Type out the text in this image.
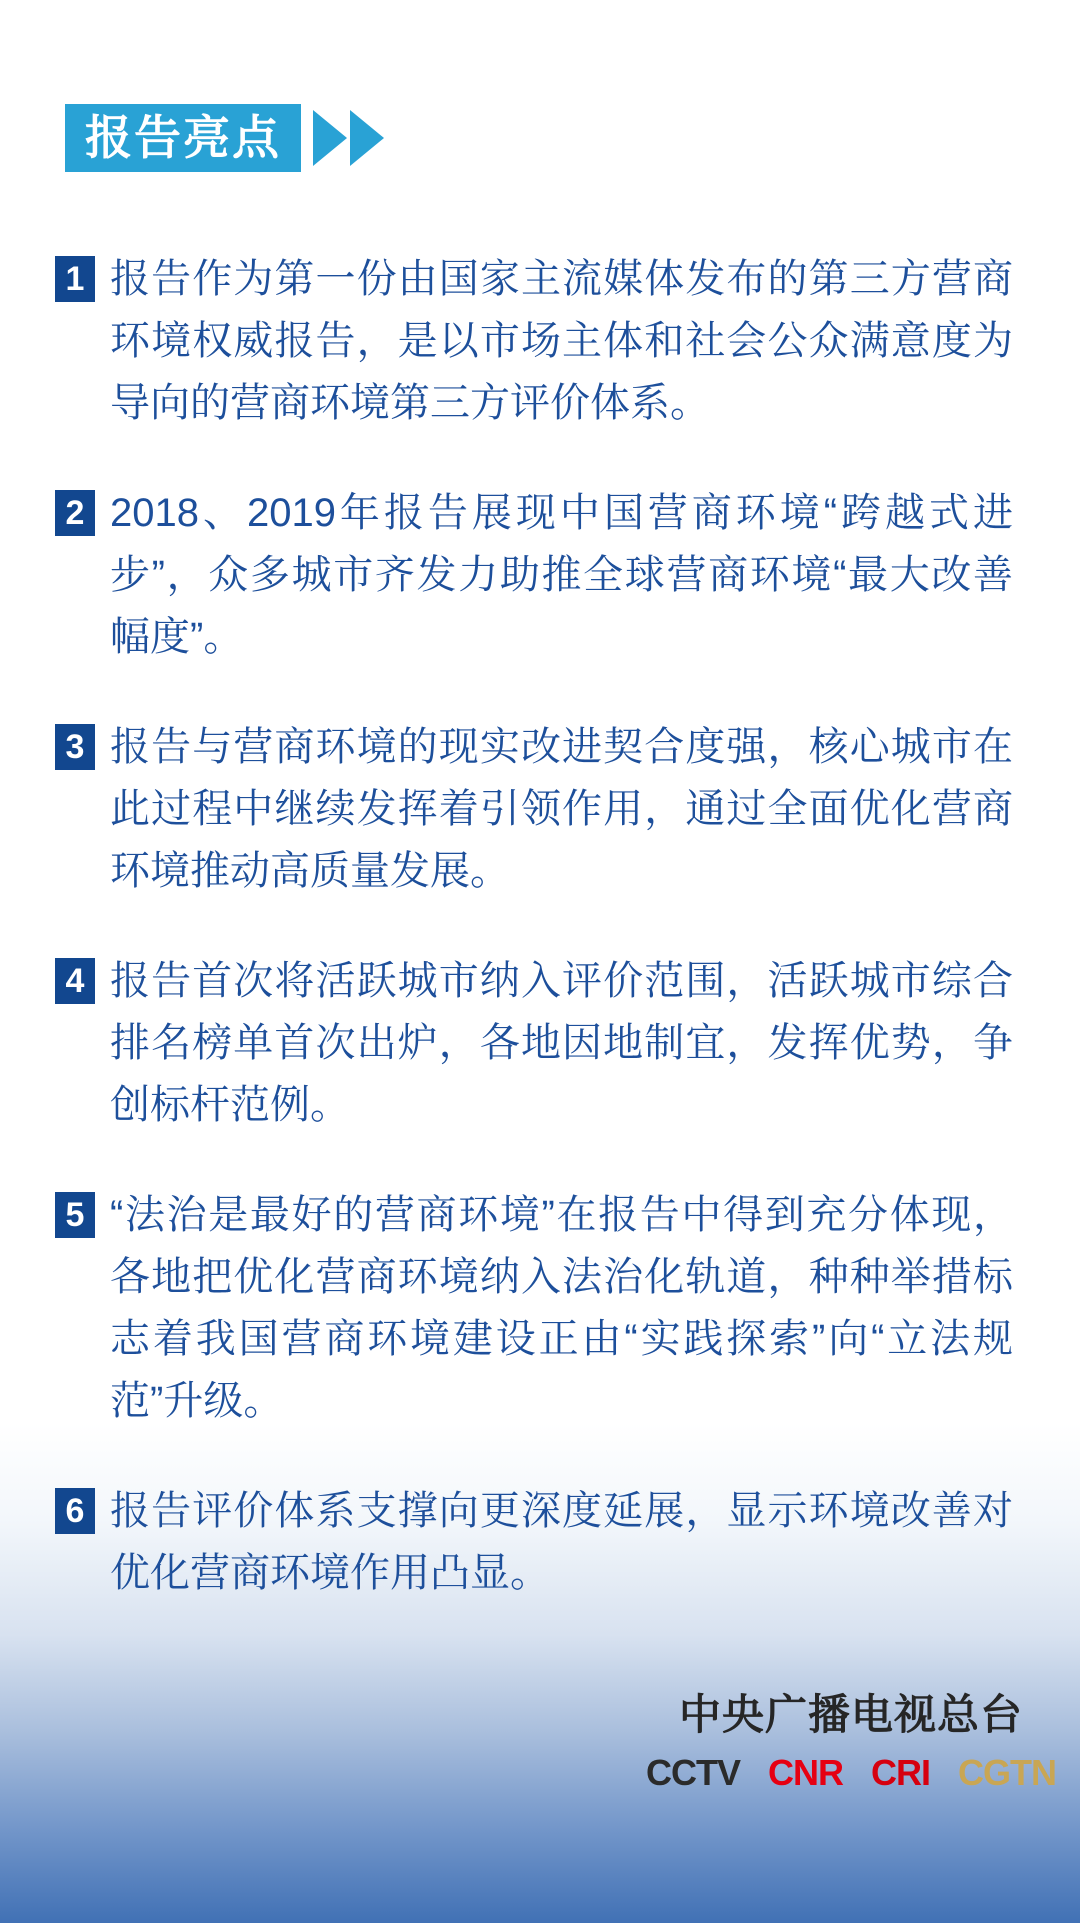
报告亮点
1 报告作为第一份由国家主流媒体发布的第三方营商环境权威报告，是以市场主体和社会公众满意度为导向的营商环境第三方评价体系。
2 2018、2019年报告展现中国营商环境“跨越式进步”，众多城市齐发力助推全球营商环境“最大改善幅度”。
3 报告与营商环境的现实改进契合度强，核心城市在此过程中继续发挥着引领作用，通过全面优化营商环境推动高质量发展。
4 报告首次将活跃城市纳入评价范围，活跃城市综合排名榜单首次出炉，各地因地制宜，发挥优势，争创标杆范例。
5 “法治是最好的营商环境”在报告中得到充分体现，各地把优化营商环境纳入法治化轨道，种种举措标志着我国营商环境建设正由“实践探索”向“立法规范”升级。
6 报告评价体系支撑向更深度延展，显示环境改善对优化营商环境作用凸显。
中央广播电视总台
CCTV CNR CRI CGTN
